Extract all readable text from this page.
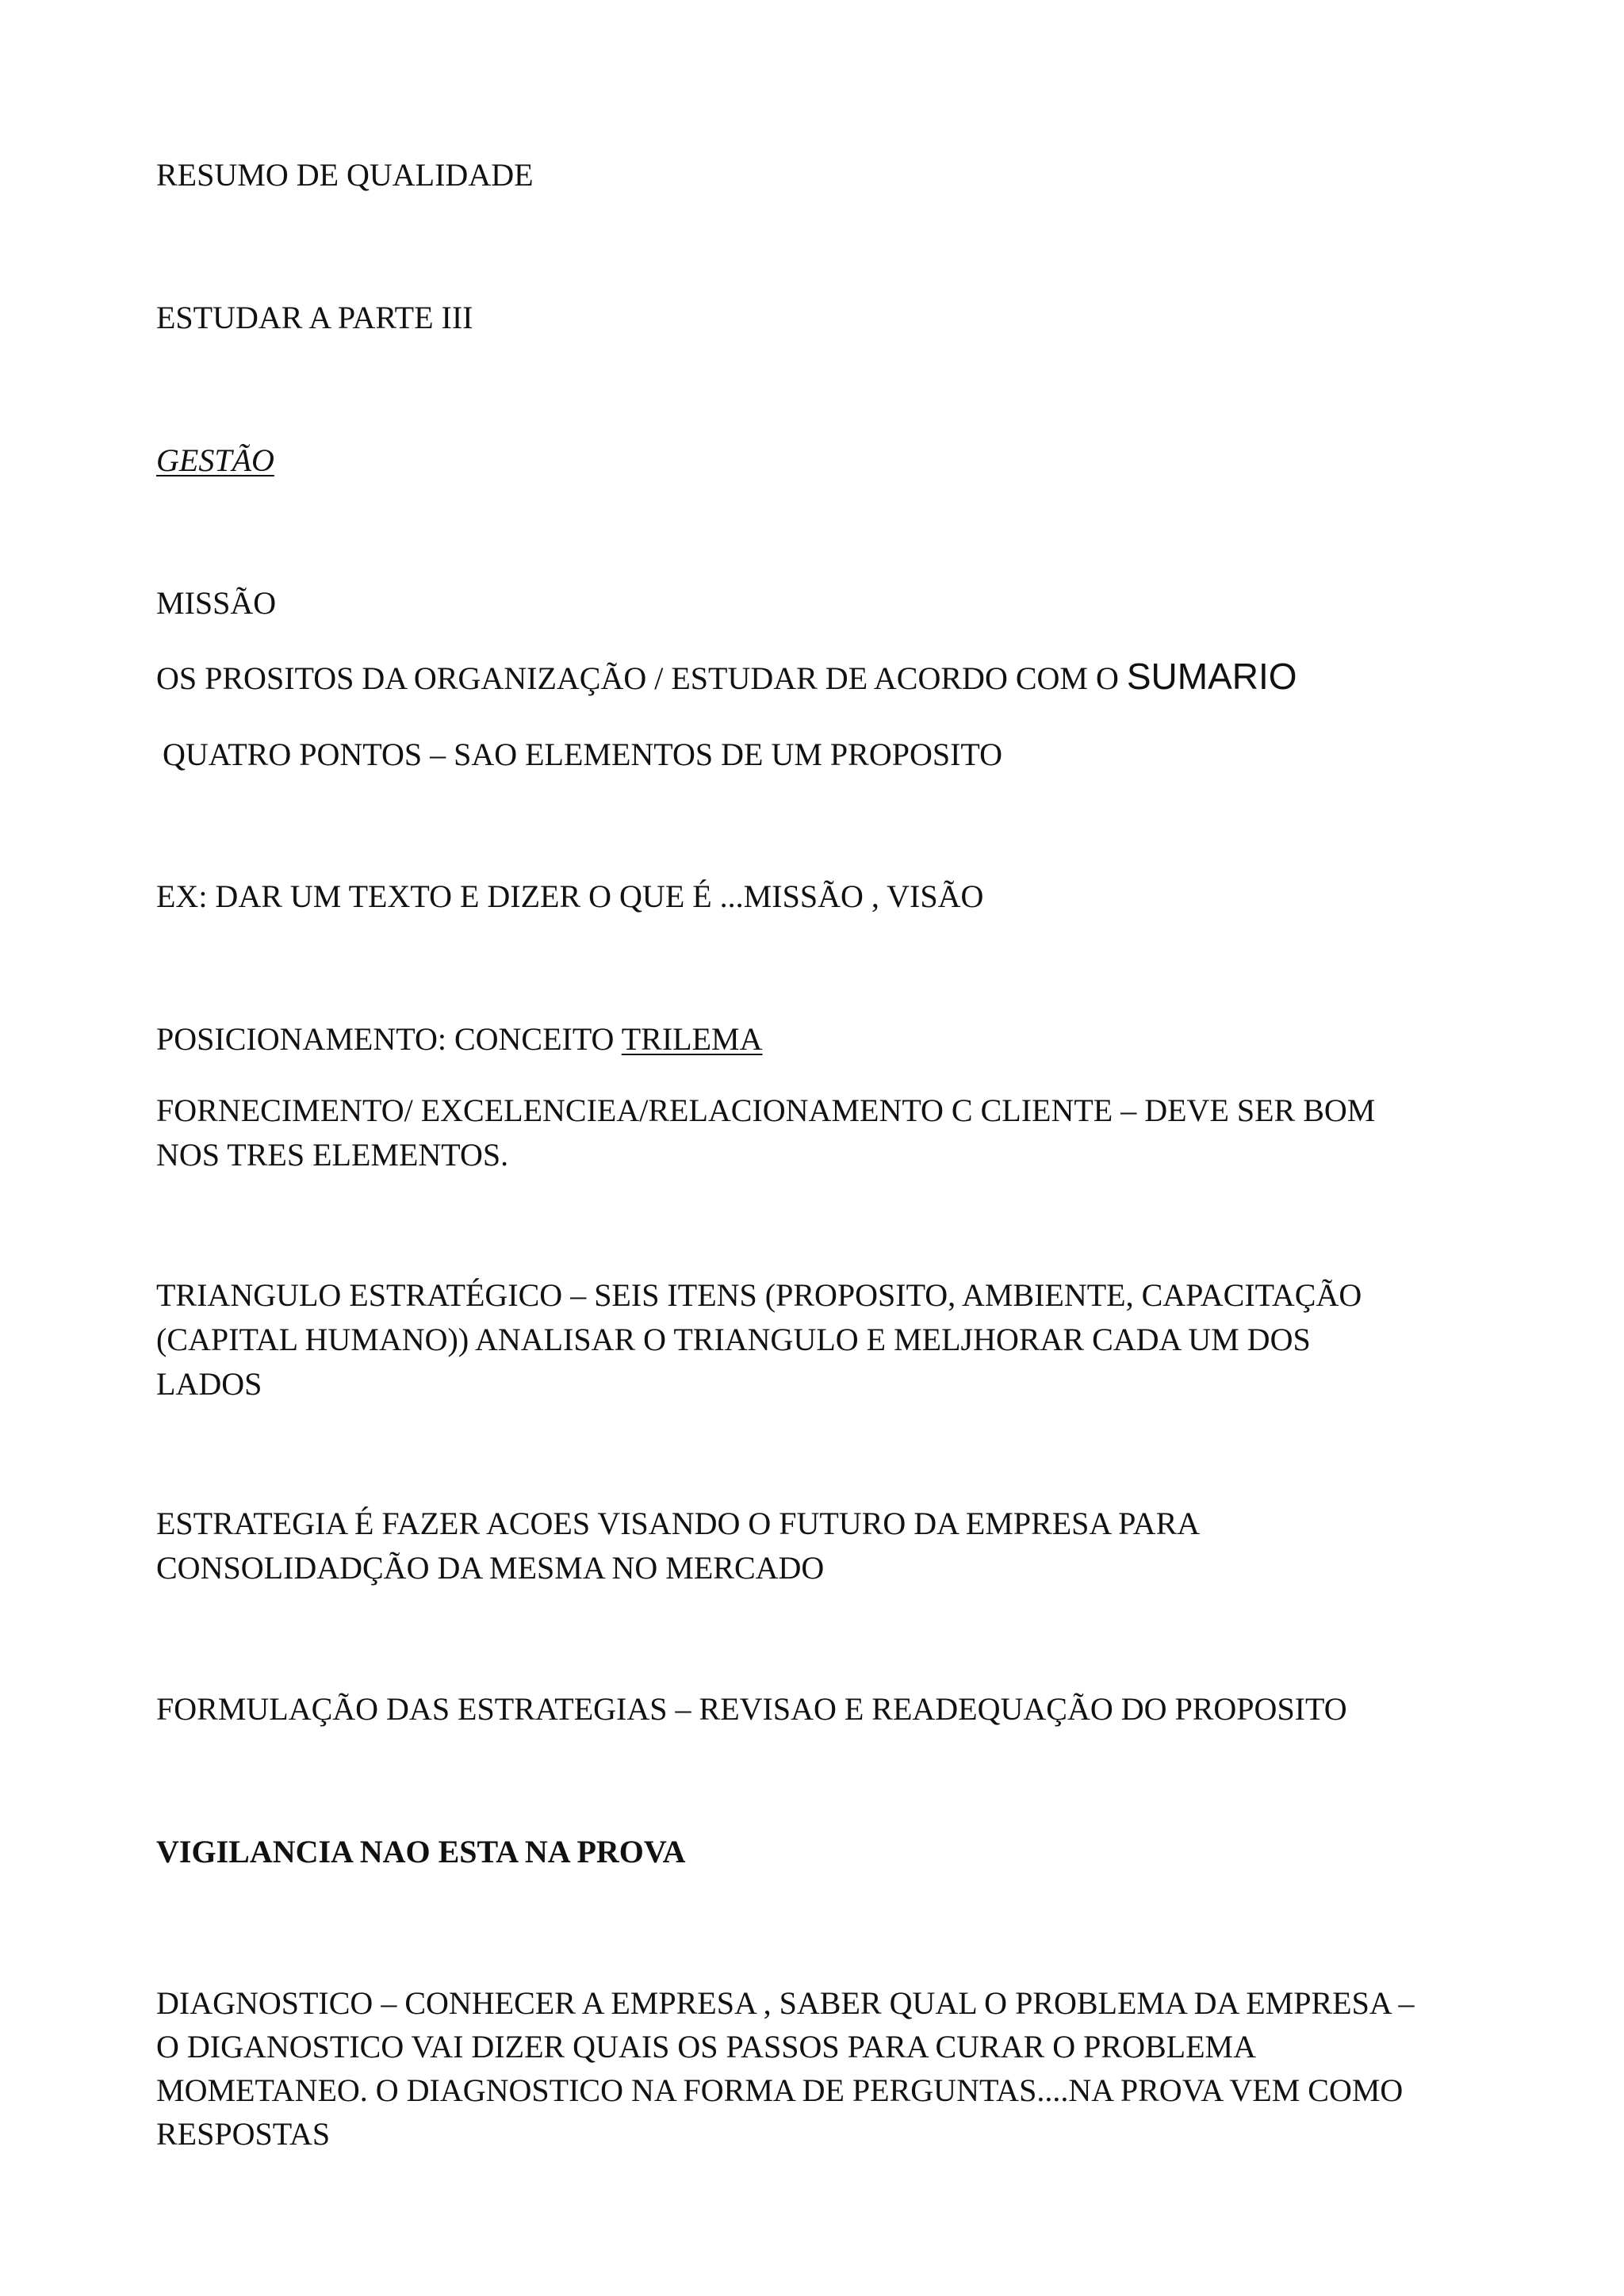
RESUMO DE QUALIDADE

ESTUDAR A PARTE III

GESTÃO

MISSÃO

OS PROSITOS DA ORGANIZAÇÃO / ESTUDAR DE ACORDO COM O SUMARIO

QUATRO PONTOS – SAO ELEMENTOS DE UM PROPOSITO

EX: DAR UM TEXTO E DIZER O QUE É ...MISSÃO , VISÃO

POSICIONAMENTO: CONCEITO TRILEMA

FORNECIMENTO/ EXCELENCIEA/RELACIONAMENTO C CLIENTE – DEVE SER BOM

NOS TRES ELEMENTOS.

TRIANGULO ESTRATÉGICO – SEIS ITENS (PROPOSITO, AMBIENTE, CAPACITAÇÃO

(CAPITAL HUMANO)) ANALISAR O TRIANGULO E MELJHORAR CADA UM DOS

LADOS

ESTRATEGIA É FAZER ACOES VISANDO O FUTURO DA EMPRESA PARA

CONSOLIDADÇÃO DA MESMA NO MERCADO

FORMULAÇÃO DAS ESTRATEGIAS – REVISAO E READEQUAÇÃO DO PROPOSITO

VIGILANCIA NAO ESTA NA PROVA

DIAGNOSTICO – CONHECER A EMPRESA , SABER QUAL O PROBLEMA DA EMPRESA –

O DIGANOSTICO VAI DIZER QUAIS OS PASSOS PARA CURAR O PROBLEMA

MOMETANEO. O DIAGNOSTICO NA FORMA DE PERGUNTAS....NA PROVA VEM COMO

RESPOSTAS
